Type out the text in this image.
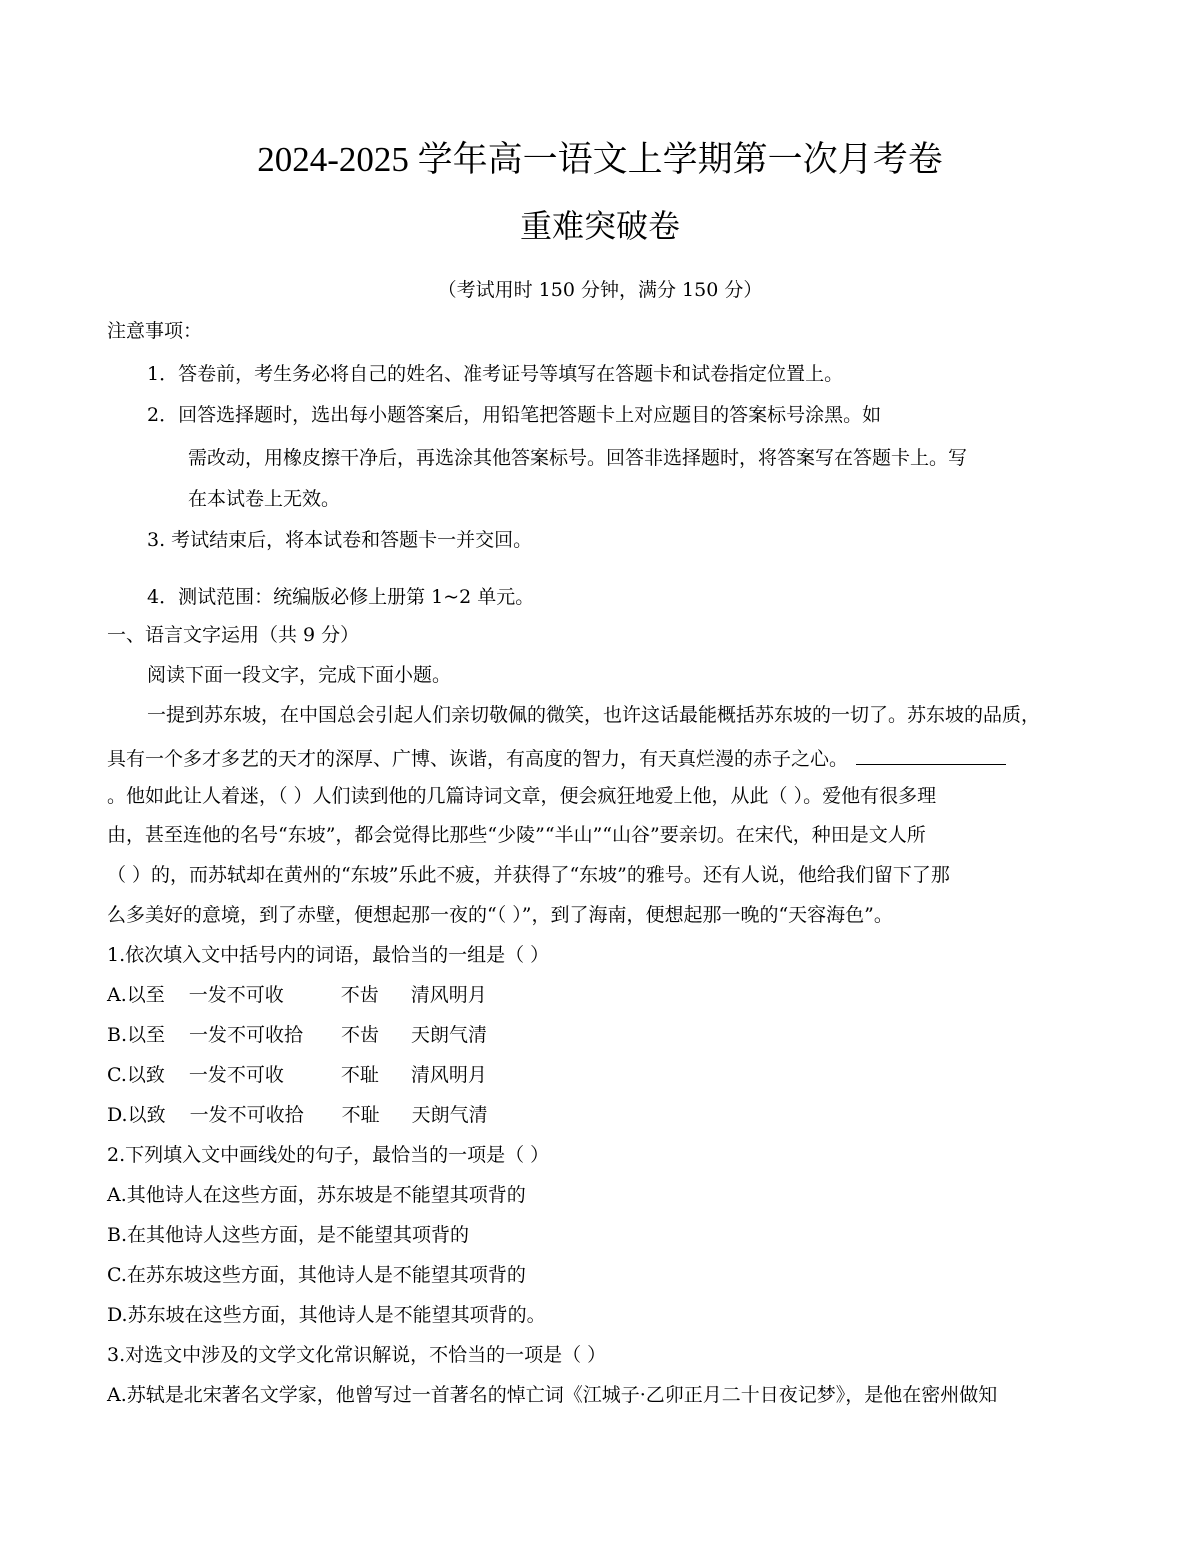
2024-2025 学年高一语文上学期第一次月考卷
重难突破卷
（考试用时 150 分钟，满分 150 分）
注意事项：
1．答卷前，考生务必将自己的姓名、准考证号等填写在答题卡和试卷指定位置上。
2．回答选择题时，选出每小题答案后，用铅笔把答题卡上对应题目的答案标号涂黑。如
需改动，用橡皮擦干净后，再选涂其他答案标号。回答非选择题时，将答案写在答题卡上。写
在本试卷上无效。
3. 考试结束后，将本试卷和答题卡一并交回。
4．测试范围：统编版必修上册第 1~2 单元。
一、语言文字运用（共 9 分）
阅读下面一段文字，完成下面小题。
一提到苏东坡，在中国总会引起人们亲切敬佩的微笑，也许这话最能概括苏东坡的一切了。苏东坡的品质，
具有一个多才多艺的天才的深厚、广博、诙谐，有高度的智力，有天真烂漫的赤子之心。
。他如此让人着迷，（ ）人们读到他的几篇诗词文章，便会疯狂地爱上他，从此（ ）。爱他有很多理
由，甚至连他的名号“东坡”，都会觉得比那些“少陵”“半山”“山谷”要亲切。在宋代，种田是文人所
（ ）的，而苏轼却在黄州的“东坡”乐此不疲，并获得了“东坡”的雅号。还有人说，他给我们留下了那
么多美好的意境，到了赤壁，便想起那一夜的“（ ）”，到了海南，便想起那一晚的“天容海色”。
1.依次填入文中括号内的词语，最恰当的一组是（ ）
A.以至 一发不可收	不齿 清风明月
B.以至 一发不可收拾 不齿 天朗气清
C.以致 一发不可收	不耻 清风明月
D.以致 一发不可收拾 不耻 天朗气清
2.下列填入文中画线处的句子，最恰当的一项是（ ）
A.其他诗人在这些方面，苏东坡是不能望其项背的
B.在其他诗人这些方面，是不能望其项背的
C.在苏东坡这些方面，其他诗人是不能望其项背的
D.苏东坡在这些方面，其他诗人是不能望其项背的。
3.对选文中涉及的文学文化常识解说，不恰当的一项是（ ）
A.苏轼是北宋著名文学家，他曾写过一首著名的悼亡词《江城子·乙卯正月二十日夜记梦》，是他在密州做知
